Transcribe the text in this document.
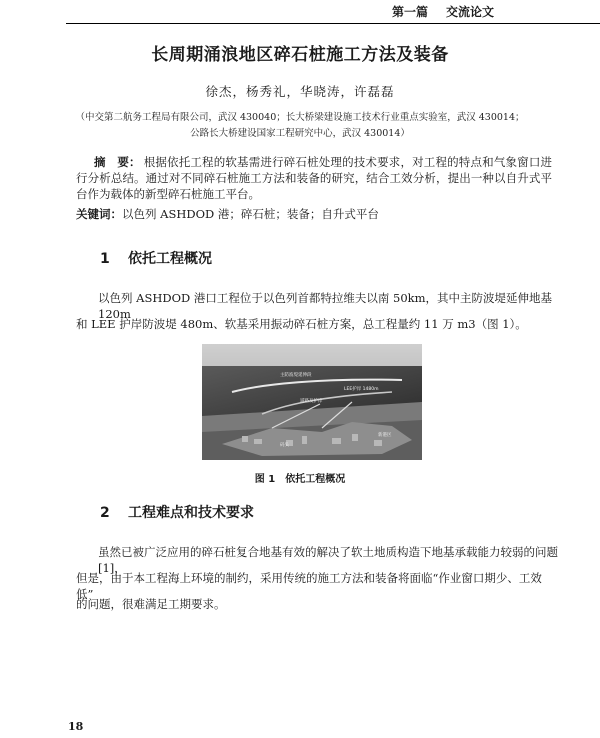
第一篇 交流论文
长周期涌浪地区碎石桩施工方法及装备
徐杰，杨秀礼，华晓涛，许磊磊
（中交第二航务工程局有限公司，武汉 430040；长大桥梁建设施工技术行业重点实验室，武汉 430014；
公路长大桥建设国家工程研究中心，武汉 430014）
摘　要： 根据依托工程的软基需进行碎石桩处理的技术要求，对工程的特点和气象窗口进行分析总结。通过对不同碎石桩施工方法和装备的研究，结合工效分析，提出一种以自升式平台作为载体的新型碎石桩施工平台。
关键词：以色列 ASHDOD 港；碎石桩；装备；自升式平台
1 依托工程概况
以色列 ASHDOD 港口工程位于以色列首都特拉维夫以南 50km，其中主防波堤延伸地基 120m
和 LEE 护岸防波堤 480m、软基采用振动碎石桩方案，总工程量约 11 万 m3（图 1）。
主防波堤延伸段
LEE护岸 1480m
道路及护岸
码头
新港区
图 1　依托工程概况
2 工程难点和技术要求
虽然已被广泛应用的碎石桩复合地基有效的解决了软土地质构造下地基承载能力较弱的问题[1]，
但是，由于本工程海上环境的制约，采用传统的施工方法和装备将面临“作业窗口期少、工效低”
的问题，很难满足工期要求。
18
